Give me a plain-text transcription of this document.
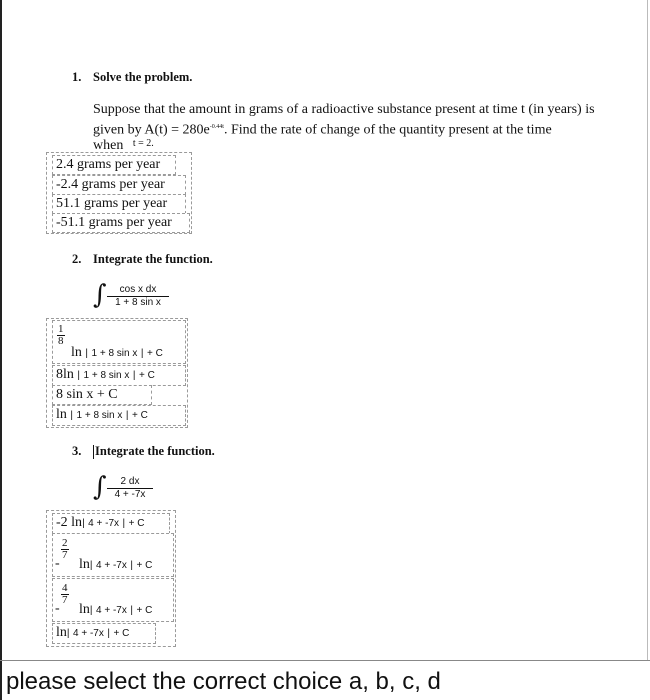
1. Solve the problem.
Suppose that the amount in grams of a radioactive substance present at time t (in years) is
given by $A(t) = 280e^{-0.44t}$. Find the rate of change of the quantity present at the time
when $^{t = 2.}$
2.4 grams per year
-2.4 grams per year
51.1 grams per year
-51.1 grams per year
2. Integrate the function.
∫ $\frac{\text{cos x dx}}{\text{1 + 8 sin x}}$
$\frac{1}{8}$
ln | 1 + 8 sin x | + C
8ln | 1 + 8 sin x | + C
8 sin x + C
ln | 1 + 8 sin x | + C
3. Integrate the function.
∫ $\frac{2 dx}{4 + -7x}$
-2 ln| 4 + -7x | + C
-
$\frac{2}{7}$
ln| 4 + -7x | + C
-
$\frac{4}{7}$
ln| 4 + -7x | + C
ln| 4 + -7x | + C
please select the correct choice a, b, c, d
